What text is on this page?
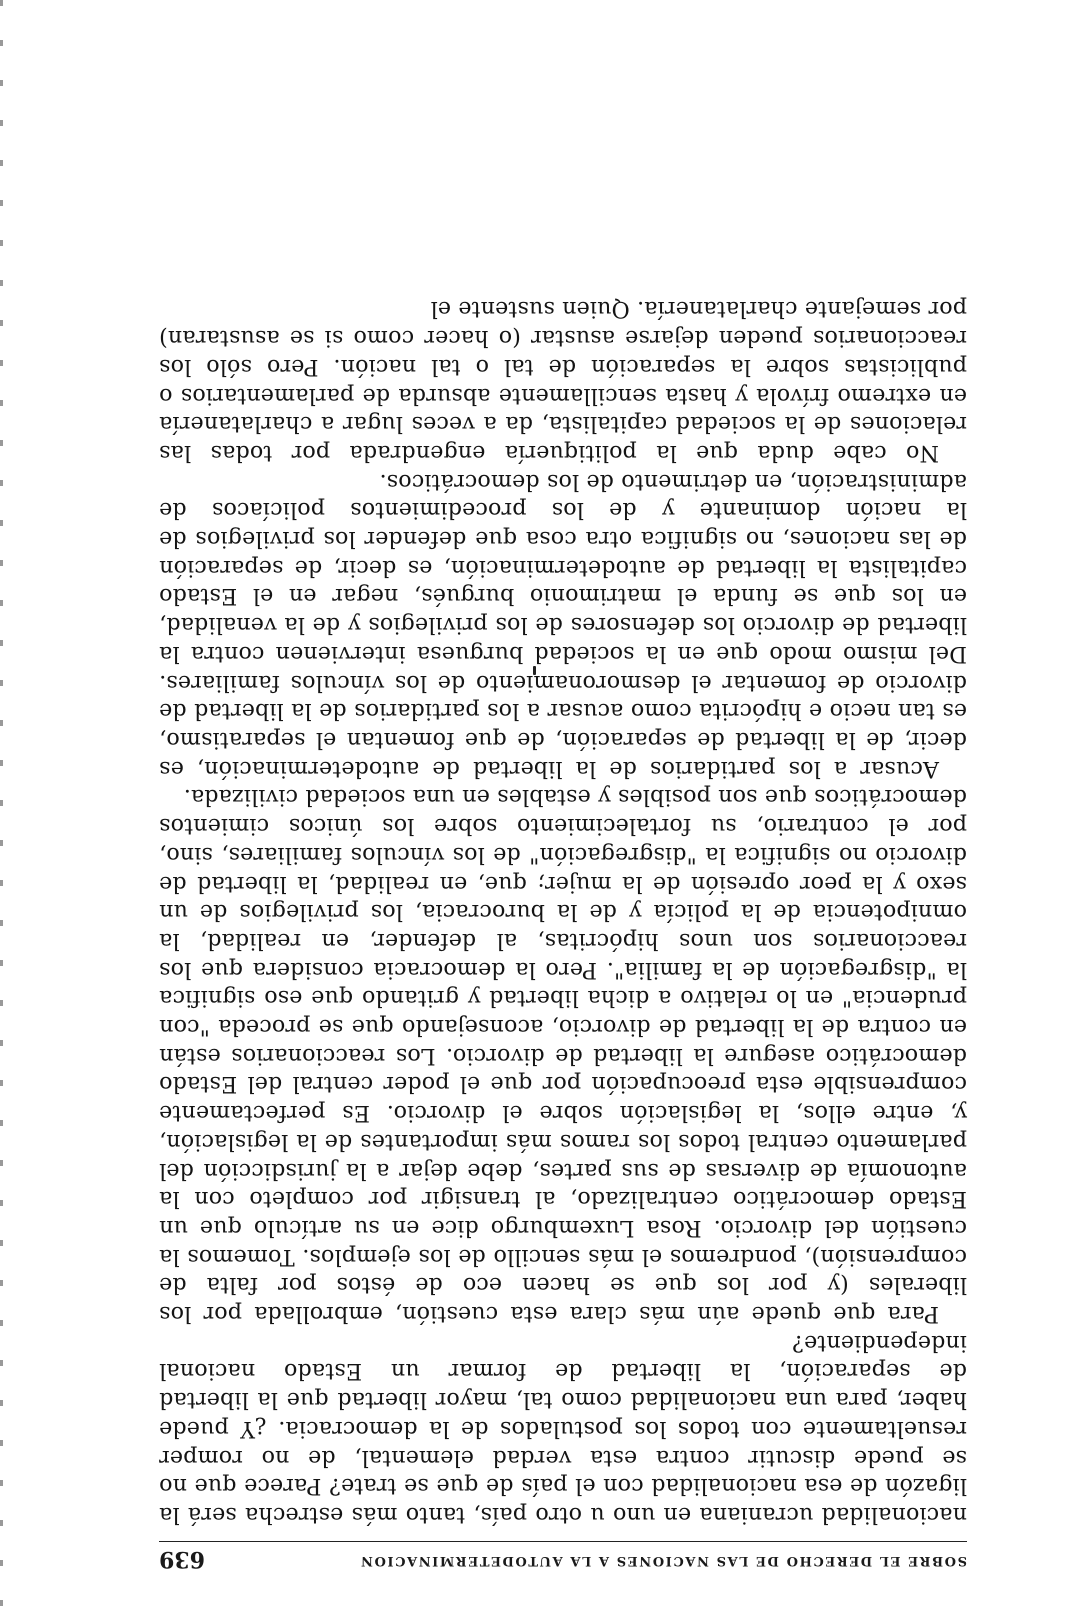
SOBRE EL DERECHO DE LAS NACIONES A LA AUTODETERMINACION
639

nacionalidad ucraniana en uno u otro país, tanto más estrecha será la ligazón de esa nacionalidad con el país de que se trate? Parece que no se puede discutir contra esta verdad elemental, de no romper resueltamente con todos los postulados de la democracia. ¿Y puede haber, para una nacionalidad como tal, mayor libertad que la libertad de separación, la libertad de formar un Estado nacional independiente?

Para que quede aún más clara esta cuestión, embrollada por los liberales (y por los que se hacen eco de éstos por falta de comprensión), pondremos el más sencillo de los ejemplos. Tomemos la cuestión del divorcio. Rosa Luxemburgo dice en su artículo que un Estado democrático centralizado, al transigir por completo con la autonomía de diversas de sus partes, debe dejar a la jurisdicción del parlamento central todos los ramos más importantes de la legislación, y, entre ellos, la legislación sobre el divorcio. Es perfectamente comprensible esta preocupación por que el poder central del Estado democrático asegure la libertad de divorcio. Los reaccionarios están en contra de la libertad de divorcio, aconsejando que se proceda "con prudencia" en lo relativo a dicha libertad y gritando que eso significa la "disgregación de la familia". Pero la democracia considera que los reaccionarios son unos hipócritas, al defender, en realidad, la omnipotencia de la policía y de la burocracia, los privilegios de un sexo y la peor opresión de la mujer; que, en realidad, la libertad de divorcio no significa la "disgregación" de los vínculos familiares, sino, por el contrario, su fortalecimiento sobre los únicos cimientos democráticos que son posibles y estables en una sociedad civilizada.

Acusar a los partidarios de la libertad de autodeterminación, es decir, de la libertad de separación, de que fomentan el separatismo, es tan necio e hipócrita como acusar a los partidarios de la libertad de divorcio de fomentar el desmoronamiento de los vínculos familiares. Del mismo modo que en la sociedad burguesa intervienen contra la libertad de divorcio los defensores de los privilegios y de la venalidad, en los que se funda el matrimonio burgués, negar en el Estado capitalista la libertad de autodeterminación, es decir, de separación de las naciones, no significa otra cosa que defender los privilegios de la nación dominante y de los procedimientos policíacos de administración, en detrimento de los democráticos.

No cabe duda que la politiquería engendrada por todas las relaciones de la sociedad capitalista, da a veces lugar a charlatanería en extremo frívola y hasta sencillamente absurda de parlamentarios o publicistas sobre la separación de tal o tal nación. Pero sólo los reaccionarios pueden dejarse asustar (o hacer como si se asustaran) por semejante charlatanería. Quien sustente el
